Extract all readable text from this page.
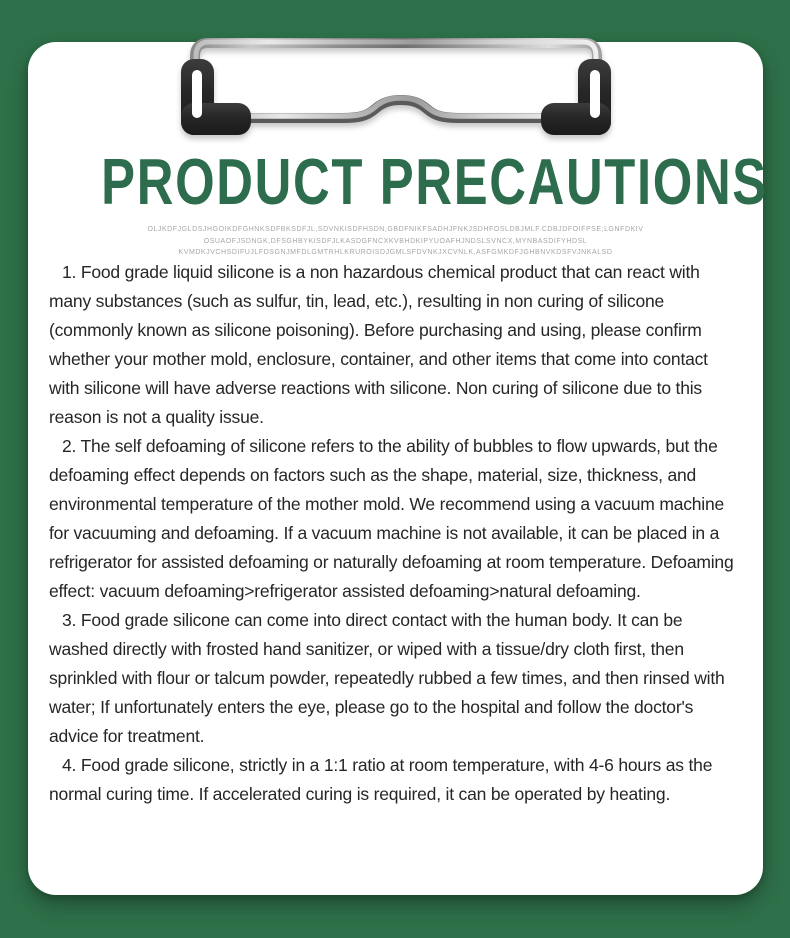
PRODUCT PRECAUTIONS
OLJKDFJGLDSJHGOIKDFGHNKSDFBKSDFJL,SDVNKISDFHSDN,GBDFNIKFSADHJFNKJSDHFOSLDBJMLF.CDBJDFOIFPSE;LGNFDKIV
OSUAOFJSDNGK,DFSGHBYKISDFJLKASDGFNCXKVBHDKIPYUOAFHJNDSLSVNCX,MYNBASDIFYHDSL
KVMDKJVCHSDIFUJLFDSGNJMFDLGMTRHLKRUROISDJGMLSFDVNKJXCVNLK,ASFGMKDFJGHBNVKDSFVJNKALSD

1. Food grade liquid silicone is a non hazardous chemical product that can react with many substances (such as sulfur, tin, lead, etc.), resulting in non curing of silicone (commonly known as silicone poisoning). Before purchasing and using, please confirm whether your mother mold, enclosure, container, and other items that come into contact with silicone will have adverse reactions with silicone. Non curing of silicone due to this reason is not a quality issue.

2. The self defoaming of silicone refers to the ability of bubbles to flow upwards, but the defoaming effect depends on factors such as the shape, material, size, thickness, and environmental temperature of the mother mold. We recommend using a vacuum machine for vacuuming and defoaming. If a vacuum machine is not available, it can be placed in a refrigerator for assisted defoaming or naturally defoaming at room temperature. Defoaming effect: vacuum defoaming>refrigerator assisted defoaming>natural defoaming.

3. Food grade silicone can come into direct contact with the human body. It can be washed directly with frosted hand sanitizer, or wiped with a tissue/dry cloth first, then sprinkled with flour or talcum powder, repeatedly rubbed a few times, and then rinsed with water; If unfortunately enters the eye, please go to the hospital and follow the doctor's advice for treatment.

4. Food grade silicone, strictly in a 1:1 ratio at room temperature, with 4-6 hours as the normal curing time. If accelerated curing is required, it can be operated by heating.
